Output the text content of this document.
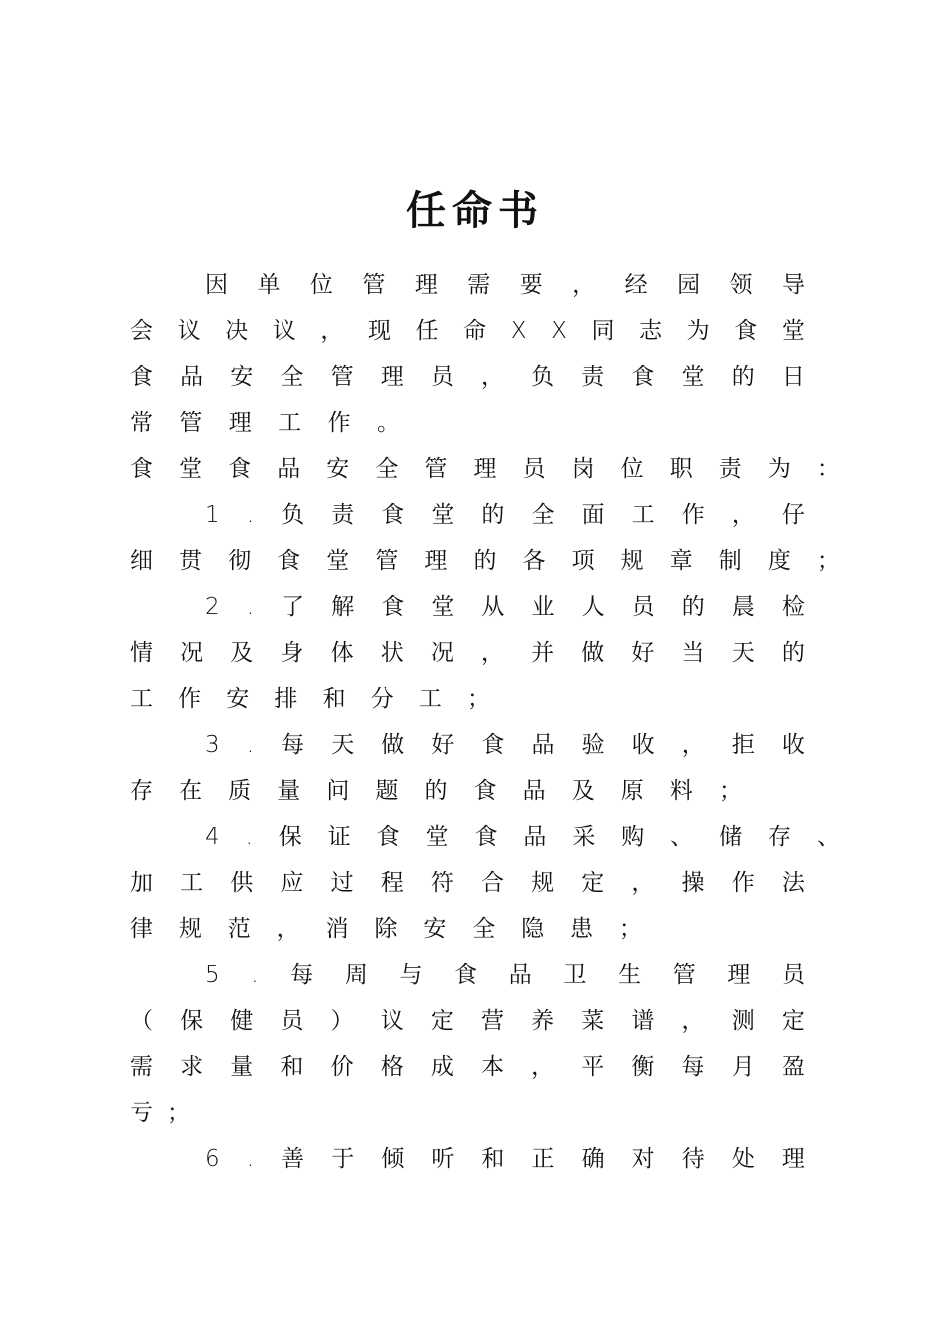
任命书
因 单 位 管 理 需 要 ， 经 园 领 导
会 议 决 议 ， 现 任 命 X X 同 志 为 食 堂
食 品 安 全 管 理 员 ， 负 责 食 堂 的 日
常 管 理 工 作 。
食 堂 食 品 安 全 管 理 员 岗 位 职 责 为 ：
1 . 负 责 食 堂 的 全 面 工 作 ， 仔
细 贯 彻 食 堂 管 理 的 各 项 规 章 制 度 ；
2 . 了 解 食 堂 从 业 人 员 的 晨 检
情 况 及 身 体 状 况 ， 并 做 好 当 天 的
工 作 安 排 和 分 工 ；
3 . 每 天 做 好 食 品 验 收 ， 拒 收
存 在 质 量 问 题 的 食 品 及 原 料 ；
4 . 保 证 食 堂 食 品 采 购 、 储 存 、
加 工 供 应 过 程 符 合 规 定 ， 操 作 法
律 规 范 ， 消 除 安 全 隐 患 ；
5 . 每 周 与 食 品 卫 生 管 理 员
（ 保 健 员 ） 议 定 营 养 菜 谱 ， 测 定
需 求 量 和 价 格 成 本 ， 平 衡 每 月 盈
亏 ；
6 . 善 于 倾 听 和 正 确 对 待 处 理
